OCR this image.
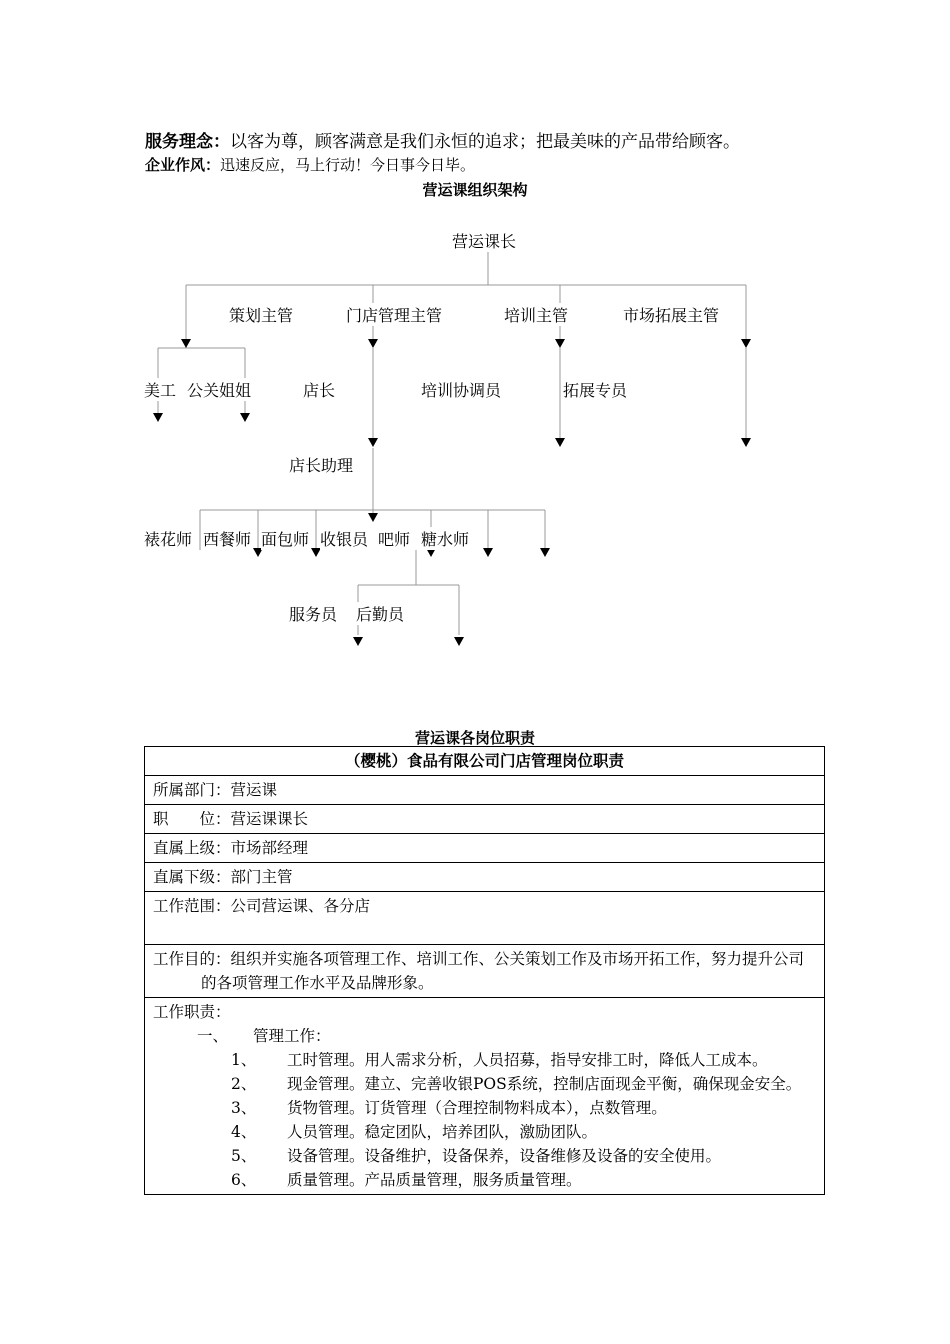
服务理念：以客为尊，顾客满意是我们永恒的追求；把最美味的产品带给顾客。
企业作风：迅速反应，马上行动！今日事今日毕。
营运课组织架构
营运课长
策划主管	门店管理主管	培训主管	市场拓展主管
美工 公关姐姐	店长	培训协调员	拓展专员
店长助理
裱花师 西餐师 面包师 收银员 吧师 糖水师
服务员 后勤员
营运课各岗位职责
（樱桃）食品有限公司门店管理岗位职责
所属部门：营运课
职　　位：营运课课长
直属上级：市场部经理
直属下级：部门主管
工作范围：公司营运课、各分店

工作目的：组织并实施各项管理工作、培训工作、公关策划工作及市场开拓工作，努力提升公司的各项管理工作水平及品牌形象。

工作职责：
一、 管理工作：
1、	工时管理。用人需求分析，人员招募，指导安排工时，降低人工成本。
2、	现金管理。建立、完善收银POS系统，控制店面现金平衡，确保现金安全。
3、	货物管理。订货管理（合理控制物料成本），点数管理。
4、	人员管理。稳定团队，培养团队，激励团队。
5、	设备管理。设备维护，设备保养，设备维修及设备的安全使用。
6、	质量管理。产品质量管理，服务质量管理。
